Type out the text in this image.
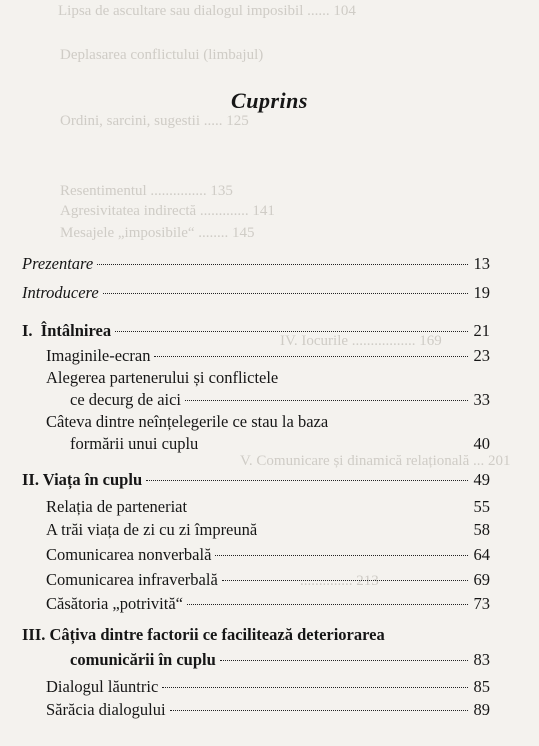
Lipsa de ascultare sau dialogul imposibil ...... 104
Deplasarea conflictului (limbajul)
Ordini, sarcini, sugestii ..... 125
Resentimentul ............... 135
Agresivitatea indirectă ............. 141
Mesajele „imposibile“ ........ 145
IV. Iocurile ................. 169
V. Comunicare și dinamică relațională ... 201
.............. 213
Cuprins
Prezentare	13
Introducere	19
I.  Întâlnirea	21
Imaginile-ecran	23
Alegerea partenerului și conflictele
ce decurg de aici	33
Câteva dintre neînțelegerile ce stau la baza
formării unui cuplu	40
II. Viața în cuplu	49
Relația de parteneriat	55
A trăi viața de zi cu zi împreună	58
Comunicarea nonverbală	64
Comunicarea infraverbală	69
Căsătoria „potrivită“	73
III. Câțiva dintre factorii ce facilitează deteriorarea
comunicării în cuplu	83
Dialogul lăuntric	85
Sărăcia dialogului	89
